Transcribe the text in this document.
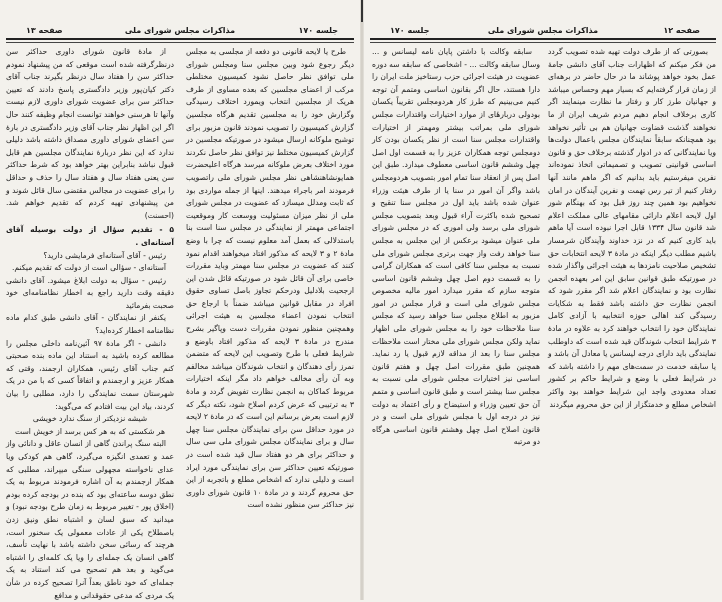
جلسه ۱۷۰
مذاکرات مجلس شورای ملی
صفحه ۱۳

طرح یا لایحه قانونی دو دفعه از مجلسی به مجلس دیگر رجوع شود وبین مجلس سنا ومجلس شورای ملی توافق نظر حاصل نشود کمیسیون مختلطی مرکب از اعضای مجلسین که بعده مساوی از طرف هریک از مجلسین انتخاب ویمورد اختلاف رسیدگی وگزارش خود را به مجلسین تقدیم هرگاه مجلسین گزارش کمیسیون را تصویب نمودند قانون مزبور برای توشیح ملوکانه ارسال میشود در صورتیکه مجلسین در گزارش کمیسیون مختلط نیز توافق نظر حاصل نکردند مورد اختلاف بعرض ملوکانه میرسد هرگاه اعلیحضرت همایونشاهنشاهی نظر مجلس شورای ملی راتصویب فرمودند امر باجراء میدهند. اینها از جمله مواردی بود که ثابت ومدلل میسازد که عضویت در مجلس شورای ملی از نظر میزان مسئولیت ووسعت کار وموقعیت اجتماعی مهمتر از نمایندگی در مجلس سنا است بنا باستدلالی که بعمل آمد معلوم نیست که چرا با وضع مادهٔ ۲ و ۳ لایحه که مذکور افتاد میخواهند اقدام نمود کنند که عضویت در مجلس سنا مهمتر وباید مقررات خاصی برای آن قائل شود در صورتیکه قائل شدن این ارجحیت بلادلیل ودرحکم تجاوز باصل تساوی حقوق افراد در مقابل قوانین میباشد ضمناً با ارجاع حق انتخاب نمودن اعضاء مجلسین به هیئت اجرائی وهمچنین منظور نمودن مقررات دست وپاگیر بشرح مندرج در مادهٔ ۳ لایحه که مذکور افتاد باوضع و شرایط فعلی با طرح وتصویب این لایحه که متضمن نمرز رأی دهندگان و انتخاب شوندگان میباشد مخالفم وبه آن رأی مخالف خواهم داد مگر اینکه اختیارات مربوط کماکان به انجمن نظارت تفویض گردد و مادهٔ ۳ به ترتیبی که عرض کردم اصلاح شود، نکته دیگر که لازم است بعرض برسانم این است که در مادهٔ ۲ لایحه در مورد حداقل سن برای نمایندگان مجلس سنا چهل سال و برای نمایندگان مجلس شورای ملی سی سال و حداکثر برای هر دو هفتاد سال قید شده است در صورتیکه تعیین حداکثر سن برای نمایندگی مورد ایراد است و دلیلی ندارد که اشخاص مطلع و باتجربه از این حق محروم گردند و در مادهٔ ۱۰ قانون شورای داوری نیز حداکثر سن منظور نشده است

از مادهٔ قانون شورای داوری حداکثر سن درنظرگرفته شده است موقعی که من پیشنهاد نمودم حداکثر سن را هفتاد سال درنظر بگیرند جناب آقای دکتر کیان‌پور وزیر دادگستری پاسخ دادند که تعیین حداکثر سن برای عضویت شورای داوری لازم نیست وآنها تا هرسنی خواهند توانست انجام وظیفه کنند حال اگر این اظهار نظر جناب آقای وزیر دادگستری در بارهٔ سن اعضای شورای داوری مصداق داشته باشد دلیلی ندارد که این نظر دربارهٔ نمایندگان مجلسین هم قابل قبول نباشد بنابراین بهتر خواهد بود که شرط حداکثر سن یعنی هفتاد سال و هفتاد سال را حذف و حداقل را برای عضویت در مجالس مقتضی سال قائل شوند و من پیشنهادی تهیه کردم که تقدیم خواهم شد. (احسنت)

۵ - تقدیم سؤال از دولت بوسیله آقای آستانه‌ای .

رئیس - آقای آستانه‌ای فرمایشی دارید؟

آستانه‌ای - سؤالی است از دولت که تقدیم میکنم.

رئیس - سؤال به دولت ابلاغ میشود. آقای دانشی دقیقه وقت دارید راجع به اخطار نظامنامه‌ای خود صحبت بفرمائید

یکنفر از نمایندگان - آقای دانشی طبق کدام ماده نظامنامه اخطار کرده‌اید؟

دانشی - اگر مادهٔ ۹۷ آئین‌نامه داخلی مجلس را مطالعه کرده باشید به استناد این ماده بنده صحبتی کنم جناب آقای رئیس، همکاران ارجمند، وقتی که همکار عزیز و ارجمندم و اتفاقاً کسی که با من در یک شهرستان سمت نمایندگی را دارد، مطلبی را بیان کردند، بیاد این بیت افتادم که می‌گوید:

شیشه نزدیکتر از سنگ ندارد خویشی

هر شکستی که به هر کس برسد از خویش است

البته سنگ پراندن گاهی از انسان عاقل و دانائی واز عمد و تعمدی انگیزه می‌گیرد، گاهی هم کودکی ویا عدای ناخواسته مجهولی سنگی میپراند، مطلبی که همکار ارجمندم به آن اشاره فرمودند مربوط به یک نطق دوسه ساعته‌ای بود که بنده در بودجه کرده بودم (اخلاق پور - تغییر مربوط به زمان طرح بودجه نبود) و میدانید که سبق لسان و اشتباه نطق ونیق زدن باصطلاح یکی از عادات معمولی یک سخنور است، هرچند که رسائی سخن داشته باشد با نهایت تأسف، گاهی انسان یک جمله‌ای را ویا یک کلمه‌ای را اشتباه می‌گوید و بعد هم تصحیح می کند استناد به یک جمله‌ای که خود ناطق بعداً آنرا تصحیح کرده در شأن یک مردی که مدعی حقوقدانی و مدافع

صفحه ۱۲
مذاکرات مجلس شورای ملی
جلسه ۱۷۰

بصورتی که از طرف دولت تهیه شده تصویب گردد من فکر میکنم که اظهارات جناب آقای دانشی جامهٔ عمل بخود خواهد پوشاند ما در حال حاضر در برهه‌ای از زمان قرار گرفته‌ایم که بسیار مهم وحساس میباشد و جهانیان طرز کار و رفتار ما نظارت مینمایند اگر کاری برخلاف انجام دهیم مردم شریف ایران از ما نخواهند گذشت قضاوت جهانیان هم بی تأثیر نخواهد بود همچنانکه سابقاً نمایندگان مجلس باعمال دولت‌ها ویا نمایندگانی که در ادوار گذشته برخلاف حق و قانون اساسی قوانینی تصویب و تصمیماتی اتخاذ نموده‌اند نفرین میفرستیم باید بدانیم که اگر ماهم مانند آنها رفتار کنیم از تیر رس تهمت و نفرین آیندگان در امان نخواهیم بود همین چند روز قبل بود که بهنگام شور اول لایحه اعلام دارائی مقامهای عالی مملکت اعلام شد قانون سال ۱۳۳۴ قابل اجرا نبوده است آیا ماهم باید کاری کنیم که در نزد خداوند وآیندگان شرمسار باشیم مطلب دیگر اینکه در مادهٔ ۳ لایحه انتخابات حق تشخیص صلاحیت نامزدها به هیئت اجرائی واگذار شده در صورتیکه طبق قوانین سابق این امر بعهده انجمن نظارت بود و نمایندگان اعلام شد اگر مقرر شود که انجمن نظارت حق داشته باشد فقط به شکایات رسیدگی کند اهالی حوزه انتخابیه با آزادی کامل نمایندگان خود را انتخاب خواهند کرد به علاوه در مادهٔ ۳ شرایط انتخاب شوندگان قید شده است که داوطلب نمایندگی باید دارای درجه لیسانس یا معادل آن باشد و یا سابقه خدمت در سمت‌های مهم را داشته باشد که در شرایط فعلی با وضع و شرایط حاکم بر کشور تعداد معدودی واجد این شرایط خواهند بود واکثر اشخاص مطلع و خدمتگزار از این حق محروم میگردند

سابقه وکالت با داشتن پایان نامه لیسانس و ... وسال سابقه وکالت ... - اشخاصی که سابقه سه دوره عضویت در هیئت اجرائی حزب رستاخیز ملت ایران را دارا هستند، حال اگر بقانون اساسی ومتمم آن توجه کنیم می‌بینیم که طرز کار هردومجلس تقریباً یکسان بودولی دربارهٔای از موارد اختیارات واقتدارات مجلس شورای ملی بمراتب بیشتر ومهمتر از اختیارات واقتدارات مجلس سنا است از نظر یکسان بودن کار دومجلس توجه همکاران عزیز را به قسمت اول اصل چهل وششم قانون اساسی معطوف میدارد. طبق این اصل پس از انعقاد سنا تمام امور بتصویب هردومجلس باشد واگر آن امور در سنا یا از طرف هیئت وزراء عنوان شده باشد باید اول در مجلس سنا تنقیح و تصحیح شده باکثرت آراء قبول وبعد بتصویب مجلس شورای ملی برسد ولی اموری که در مجلس شورای ملی عنوان میشود برعکس از این مجلس به مجلس سنا خواهد رفت واز جهت برتری مجلس شورای ملی نسبت به مجلس سنا کافی است که همکاران گرامی را به قسمت دوم اصل چهل وششم قانون اساسی متوجه سازم که مقرر میدارد امور مالیه مخصوص مجلس شورای ملی است و قرار مجلس در امور مزبور به اطلاع مجلس سنا خواهد رسید که مجلس سنا ملاحظات خود را به مجلس شورای ملی اظهار نماید ولکن مجلس شورای ملی مختار است ملاحظات مجلس سنا را بعد از مداقه لازم قبول یا رد نماید. همچنین طبق مقررات اصل چهل و هفتم قانون اساسی نیز اختیارات مجلس شورای ملی نسبت به مجلس سنا بیشتر است و طبق قانون اساسی و متمم آن حق تعیین وزراء و استیضاح و رأی اعتماد به دولت نیز در درجه اول با مجلس شورای ملی است و در قانون اصلاح اصل چهل وهشتم قانون اساسی هرگاه دو مرتبه
